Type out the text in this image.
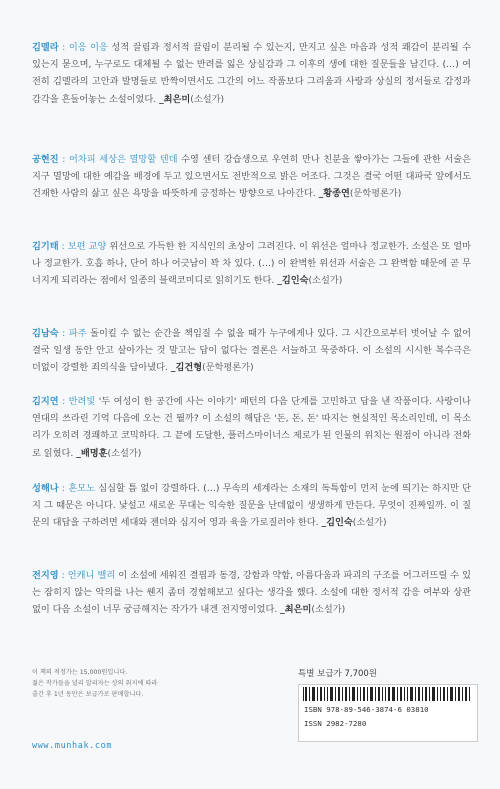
김멜라 : 이응 이응 성적 끌림과 정서적 끌림이 분리될 수 있는지, 만지고 싶은 마음과 성적 쾌감이 분리될 수 있는지 묻으며, 누구로도 대체될 수 없는 반려를 잃은 상실감과 그 이후의 생에 대한 질문들을 남긴다. (…) 여전히 김멜라의 고안과 발명들로 반짝이면서도 그간의 어느 작품보다 그리움과 사랑과 상실의 정서들로 감정과 감각을 흔들어놓는 소설이었다. _최은미(소설가)

공현진 : 어차피 세상은 멸망할 텐데 수영 센터 강습생으로 우연히 만나 친분을 쌓아가는 그들에 관한 서술은 지구 멸망에 대한 예감을 배경에 두고 있으면서도 전반적으로 밝은 어조다. 그것은 결국 어떤 대파국 앞에서도 건재한 사람의 삶고 싶은 욕망을 따뜻하게 긍정하는 방향으로 나아간다. _황종연(문학평론가)

김기태 : 보편 교양 위선으로 가득한 한 지식인의 초상이 그려진다. 이 위선은 얼마나 정교한가. 소설은 또 얼마나 정교한가. 호흡 하나, 단어 하나 어긋남이 꽉 차 있다. (…) 이 완벽한 위선과 서술은 그 완벽함 때문에 곧 무너지게 되리라는 점에서 일종의 블랙코미디로 읽히기도 한다. _김인숙(소설가)

김남숙 : 파주 돌이킬 수 없는 순간을 책임질 수 없을 때가 누구에게나 있다. 그 시간으로부터 벗어날 수 없어 결국 일생 동안 안고 살아가는 것 말고는 답이 없다는 결론은 서늘하고 묵중하다. 이 소설의 시시한 복수극은 더없이 강렬한 죄의식을 담아냈다. _김건형(문학평론가)

김지연 : 반려빛 '두 여성이 한 공간에 사는 이야기' 패턴의 다음 단계를 고민하고 답을 낸 작품이다. 사랑이나 연대의 쓰라린 기억 다음에 오는 건 뭘까? 이 소설의 해답은 '돈, 돈, 돈' 따지는 현실적인 목소리인데, 이 목소리가 오히려 경쾌하고 코믹하다. 그 끝에 도달한, 플러스마이너스 제로가 된 인물의 위치는 원점이 아니라 전화로 읽혔다. _배명훈(소설가)

성해나 : 혼모노 심심할 틈 없이 강렬하다. (…) 무속의 세계라는 소재의 독특함이 먼저 눈에 띄기는 하지만 단지 그 때문은 아니다. 낯설고 새로운 무대는 익숙한 질문을 난데없이 생생하게 만든다. 무엇이 진짜일까. 이 질문의 대답을 구하려면 세대와 젠더와 심지어 영과 육을 가로질러야 한다. _김인숙(소설가)

전지영 : 언캐니 밸리 이 소설에 세워진 결핍과 동경, 강함과 약함, 아름다움과 파괴의 구조를 어그러뜨릴 수 있는 잠히지 않는 악의를 나는 웬지 좀더 경험해보고 싶다는 생각을 했다. 소설에 대한 정서적 감응 여부와 상관없이 다음 소설이 너무 궁금해지는 작가가 내겐 전지영이었다. _최은미(소설가)

이 책의 적정가는 15,000원입니다.
젊은 작가들을 널리 알리자는 상의 취지에 따라
출간 후 1년 동안은 보급가로 판매합니다.
www.munhak.com
특별 보급가 7,700원
ISBN 978-89-546-3874-6 03810
ISSN 2982-7280
